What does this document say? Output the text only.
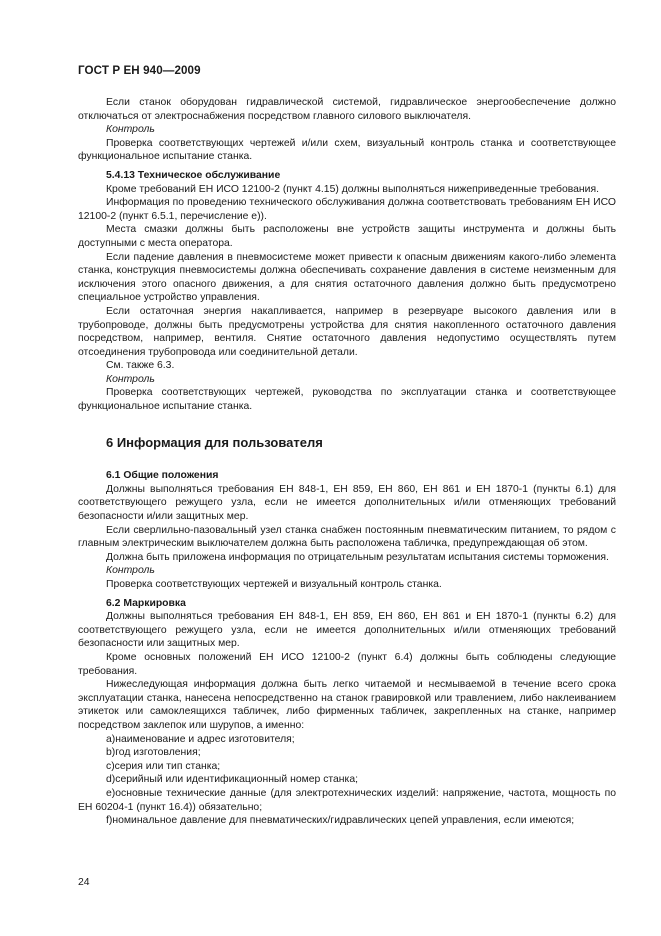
ГОСТ Р ЕН 940—2009

Если станок оборудован гидравлической системой, гидравлическое энергообеспечение должно отключаться от электроснабжения посредством главного силового выключателя.

Контроль

Проверка соответствующих чертежей и/или схем, визуальный контроль станка и соответствующее функциональное испытание станка.

5.4.13 Техническое обслуживание

Кроме требований ЕН ИСО 12100-2 (пункт 4.15) должны выполняться нижеприведенные требования.

Информация по проведению технического обслуживания должна соответствовать требованиям ЕН ИСО 12100-2 (пункт 6.5.1, перечисление е)).

Места смазки должны быть расположены вне устройств защиты инструмента и должны быть доступными с места оператора.

Если падение давления в пневмосистеме может привести к опасным движениям какого-либо элемента станка, конструкция пневмосистемы должна обеспечивать сохранение давления в системе неизменным для исключения этого опасного движения, а для снятия остаточного давления должно быть предусмотрено специальное устройство управления.

Если остаточная энергия накапливается, например в резервуаре высокого давления или в трубопроводе, должны быть предусмотрены устройства для снятия накопленного остаточного давления посредством, например, вентиля. Снятие остаточного давления недопустимо осуществлять путем отсоединения трубопровода или соединительной детали.

См. также 6.3.

Контроль

Проверка соответствующих чертежей, руководства по эксплуатации станка и соответствующее функциональное испытание станка.

6 Информация для пользователя

6.1 Общие положения

Должны выполняться требования ЕН 848-1, ЕН 859, ЕН 860, ЕН 861 и ЕН 1870-1 (пункты 6.1) для соответствующего режущего узла, если не имеется дополнительных и/или отменяющих требований безопасности и/или защитных мер.

Если сверлильно-пазовальный узел станка снабжен постоянным пневматическим питанием, то рядом с главным электрическим выключателем должна быть расположена табличка, предупреждающая об этом.

Должна быть приложена информация по отрицательным результатам испытания системы торможения.

Контроль

Проверка соответствующих чертежей и визуальный контроль станка.

6.2 Маркировка

Должны выполняться требования ЕН 848-1, ЕН 859, ЕН 860, ЕН 861 и ЕН 1870-1 (пункты 6.2) для соответствующего режущего узла, если не имеется дополнительных и/или отменяющих требований безопасности или защитных мер.

Кроме основных положений ЕН ИСО 12100-2 (пункт 6.4) должны быть соблюдены следующие требования.

Нижеследующая информация должна быть легко читаемой и несмываемой в течение всего срока эксплуатации станка, нанесена непосредственно на станок гравировкой или травлением, либо наклеиванием этикеток или самоклеящихся табличек, либо фирменных табличек, закрепленных на станке, например посредством заклепок или шурупов, а именно:

a)наименование и адрес изготовителя;

b)год изготовления;

c)серия или тип станка;

d)серийный или идентификационный номер станка;

e)основные технические данные (для электротехнических изделий: напряжение, частота, мощность по ЕН 60204-1 (пункт 16.4)) обязательно;

f)номинальное давление для пневматических/гидравлических цепей управления, если имеются;

24
